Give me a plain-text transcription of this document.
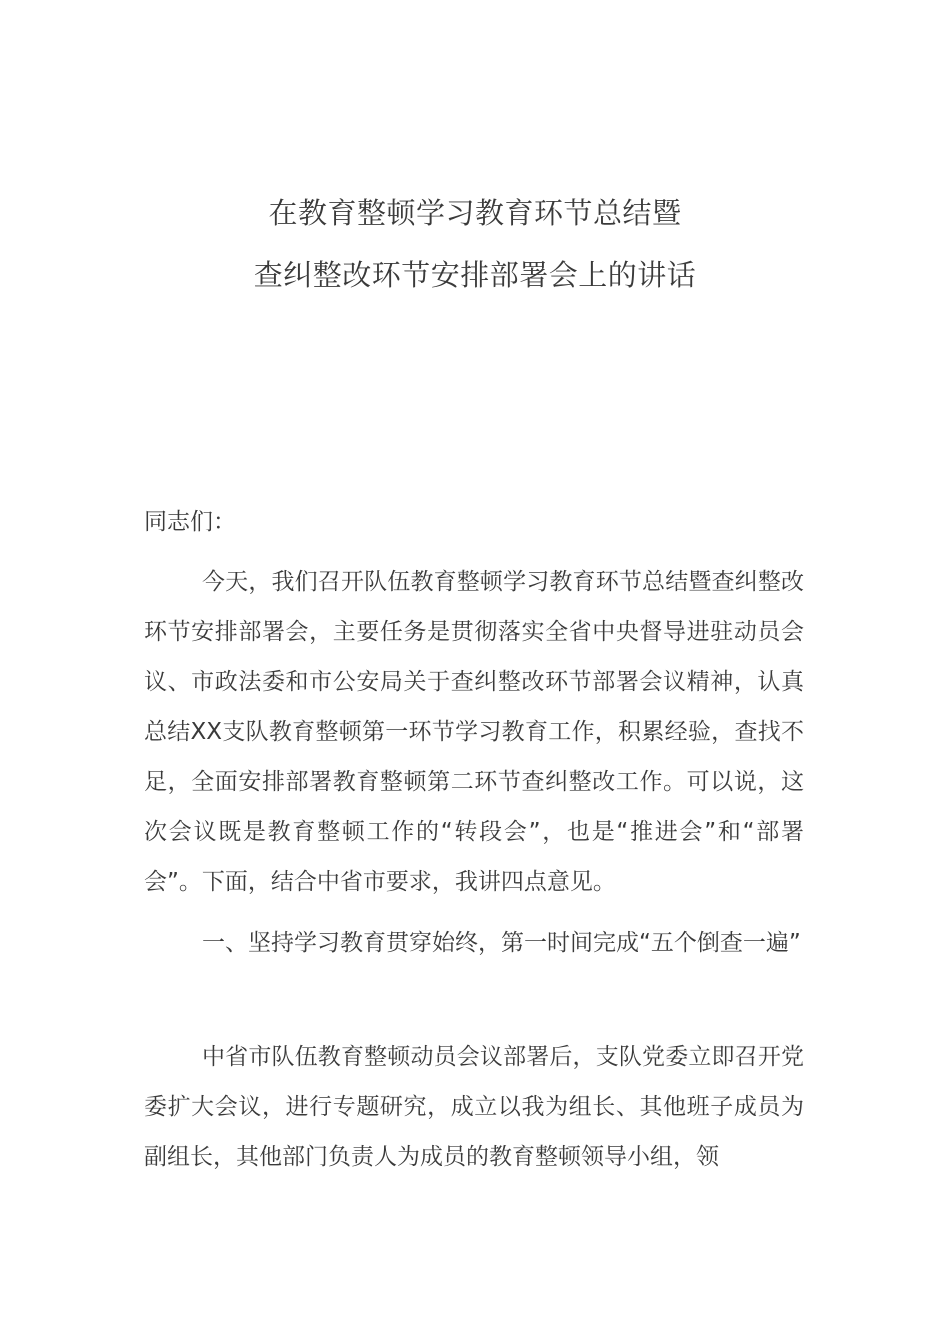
在教育整顿学习教育环节总结暨
查纠整改环节安排部署会上的讲话

同志们：

今天，我们召开队伍教育整顿学习教育环节总结暨查纠整改环节安排部署会，主要任务是贯彻落实全省中央督导进驻动员会议、市政法委和市公安局关于查纠整改环节部署会议精神，认真总结XX支队教育整顿第一环节学习教育工作，积累经验，查找不足，全面安排部署教育整顿第二环节查纠整改工作。可以说，这次会议既是教育整顿工作的“转段会”，也是“推进会”和“部署会”。下面，结合中省市要求，我讲四点意见。

一、坚持学习教育贯穿始终，第一时间完成“五个倒查一遍”

中省市队伍教育整顿动员会议部署后，支队党委立即召开党委扩大会议，进行专题研究，成立以我为组长、其他班子成员为副组长，其他部门负责人为成员的教育整顿领导小组，领
